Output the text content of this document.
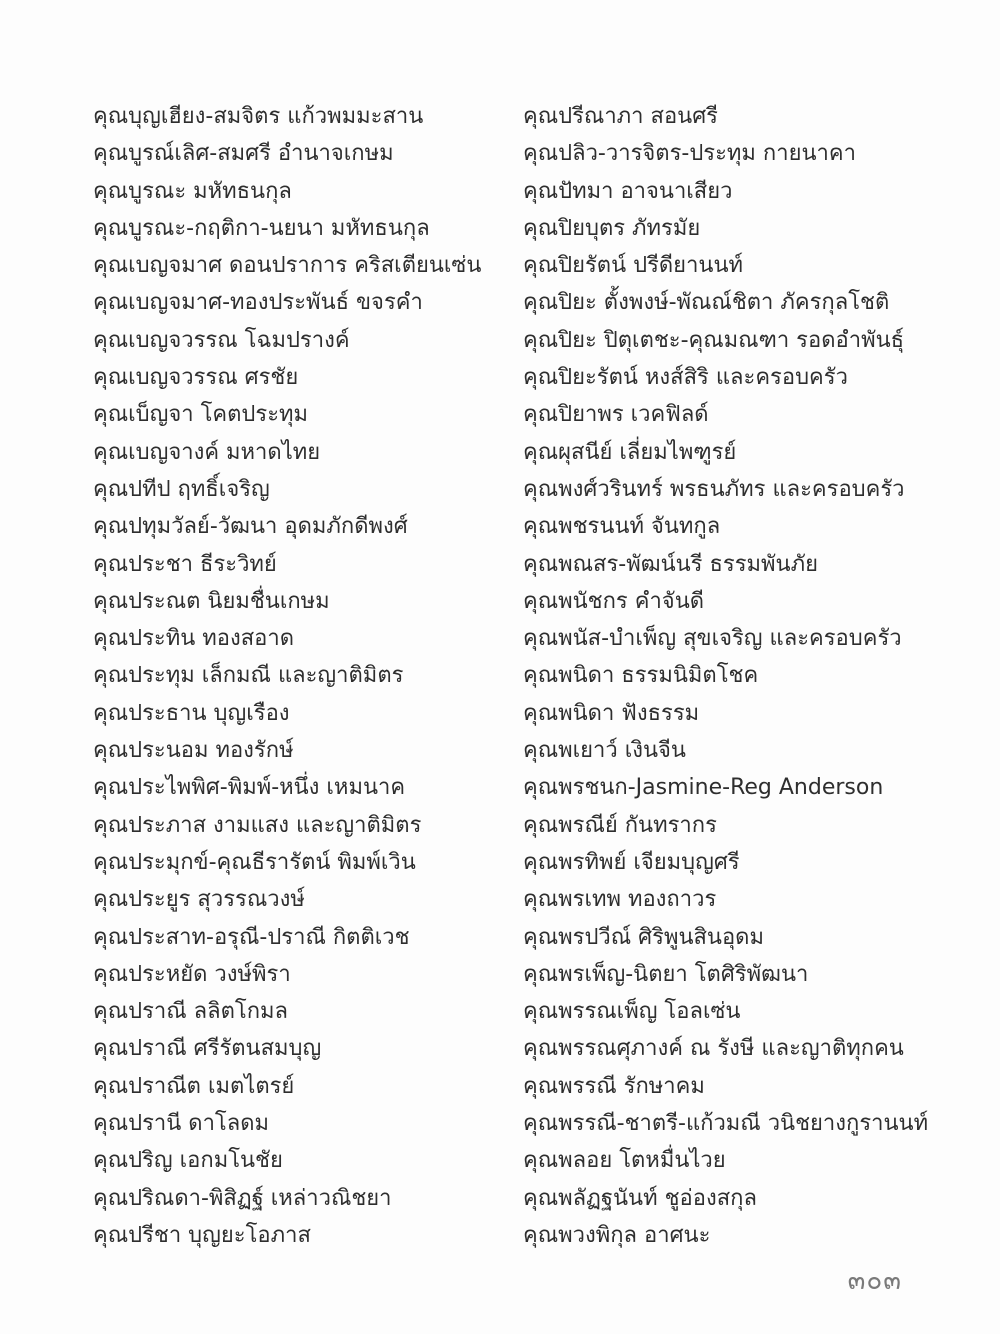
คุณบุญเฮียง-สมจิตร แก้วพมมะสาน
คุณบูรณ์เลิศ-สมศรี อำนาจเกษม
คุณบูรณะ มหัทธนกุล
คุณบูรณะ-กฤติกา-นยนา มหัทธนกุล
คุณเบญจมาศ ดอนปราการ คริสเตียนเซ่น
คุณเบญจมาศ-ทองประพันธ์ ขจรคำ
คุณเบญจวรรณ โฉมปรางค์
คุณเบญจวรรณ ศรชัย
คุณเบ็ญจา โคตประทุม
คุณเบญจางค์ มหาดไทย
คุณปทีป ฤทธิ์เจริญ
คุณปทุมวัลย์-วัฒนา อุดมภักดีพงศ์
คุณประชา ธีระวิทย์
คุณประณต นิยมชื่นเกษม
คุณประทิน ทองสอาด
คุณประทุม เล็กมณี และญาติมิตร
คุณประธาน บุญเรือง
คุณประนอม ทองรักษ์
คุณประไพพิศ-พิมพ์-หนึ่ง เหมนาค
คุณประภาส งามแสง และญาติมิตร
คุณประมุกข์-คุณธีรารัตน์ พิมพ์เวิน
คุณประยูร สุวรรณวงษ์
คุณประสาท-อรุณี-ปราณี กิตติเวช
คุณประหยัด วงษ์พิรา
คุณปราณี ลลิตโกมล
คุณปราณี ศรีรัตนสมบุญ
คุณปราณีต เมตไตรย์
คุณปรานี ดาโลดม
คุณปริญ เอกมโนชัย
คุณปริณดา-พิสิฏฐ์ เหล่าวณิชยา
คุณปรีชา บุญยะโอภาส
คุณปรีณาภา สอนศรี
คุณปลิว-วารจิตร-ประทุม กายนาคา
คุณปัทมา อาจนาเสียว
คุณปิยบุตร ภัทรมัย
คุณปิยรัตน์ ปรีดียานนท์
คุณปิยะ ตั้งพงษ์-พัณณ์ชิตา ภัครกุลโชติ
คุณปิยะ ปิตุเตชะ-คุณมณฑา รอดอำพันธุ์
คุณปิยะรัตน์ หงส์สิริ และครอบครัว
คุณปิยาพร เวคฟิลด์
คุณผุสนีย์ เลี่ยมไพฑูรย์
คุณพงศ์วรินทร์ พรธนภัทร และครอบครัว
คุณพชรนนท์ จันทกูล
คุณพณสร-พัฒน์นรี ธรรมพันภัย
คุณพนัชกร คำจันดี
คุณพนัส-บำเพ็ญ สุขเจริญ และครอบครัว
คุณพนิดา ธรรมนิมิตโชค
คุณพนิดา ฟังธรรม
คุณพเยาว์ เงินจีน
คุณพรชนก-Jasmine-Reg Anderson
คุณพรณีย์ กันทรากร
คุณพรทิพย์ เจียมบุญศรี
คุณพรเทพ ทองถาวร
คุณพรปวีณ์ ศิริพูนสินอุดม
คุณพรเพ็ญ-นิตยา โตศิริพัฒนา
คุณพรรณเพ็ญ โอลเซ่น
คุณพรรณศุภางค์ ณ รังษี และญาติทุกคน
คุณพรรณี รักษาคม
คุณพรรณี-ชาตรี-แก้วมณี วนิชยางกูรานนท์
คุณพลอย โตหมื่นไวย
คุณพลัฏฐนันท์ ชูอ่องสกุล
คุณพวงพิกุล อาศนะ
๓๐๓
